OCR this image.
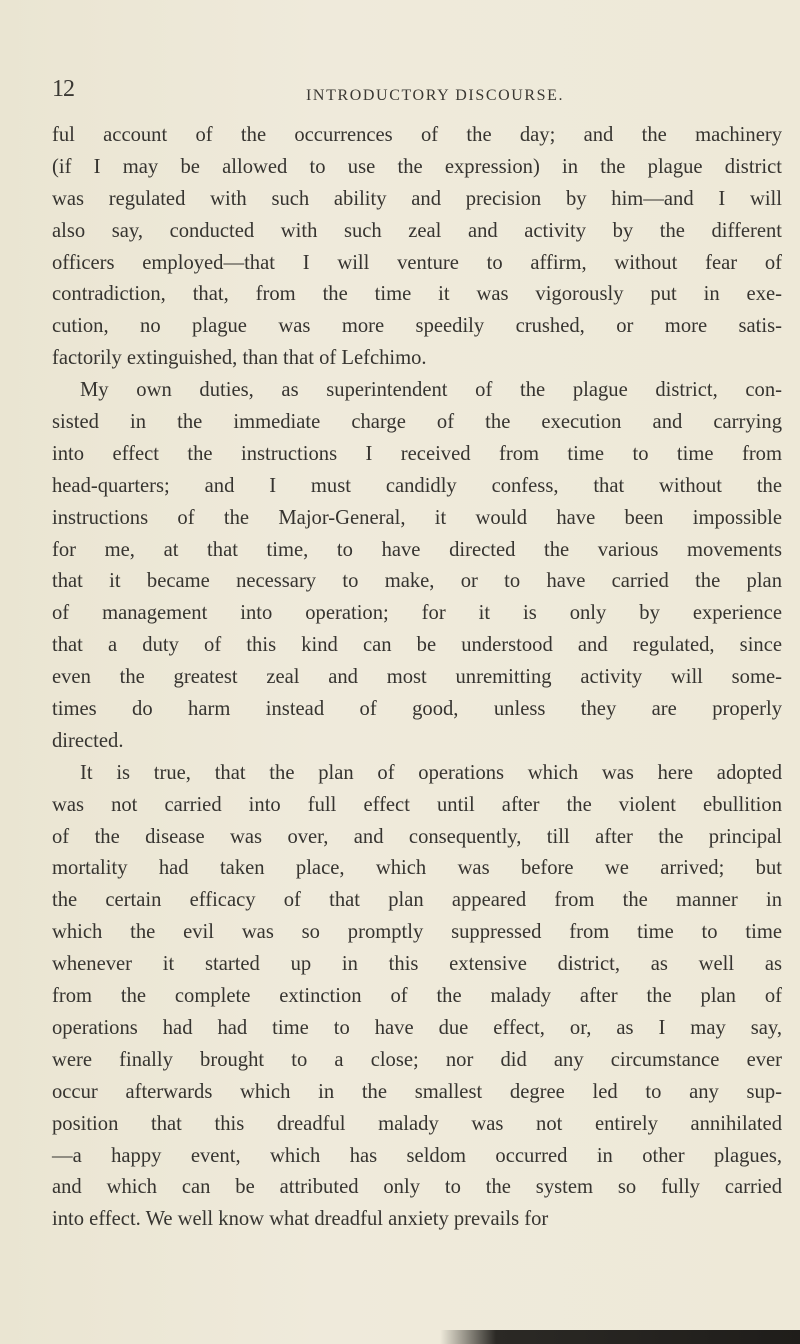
12	INTRODUCTORY DISCOURSE.
ful account of the occurrences of the day; and the machinery
(if I may be allowed to use the expression) in the plague district
was regulated with such ability and precision by him—and I will
also say, conducted with such zeal and activity by the different
officers employed—that I will venture to affirm, without fear of
contradiction, that, from the time it was vigorously put in exe-
cution, no plague was more speedily crushed, or more satis-
factorily extinguished, than that of Lefchimo.
My own duties, as superintendent of the plague district, con-
sisted in the immediate charge of the execution and carrying
into effect the instructions I received from time to time from
head-quarters; and I must candidly confess, that without the
instructions of the Major-General, it would have been impossible
for me, at that time, to have directed the various movements
that it became necessary to make, or to have carried the plan
of management into operation; for it is only by experience
that a duty of this kind can be understood and regulated, since
even the greatest zeal and most unremitting activity will some-
times do harm instead of good, unless they are properly
directed.
It is true, that the plan of operations which was here adopted
was not carried into full effect until after the violent ebullition
of the disease was over, and consequently, till after the principal
mortality had taken place, which was before we arrived; but
the certain efficacy of that plan appeared from the manner in
which the evil was so promptly suppressed from time to time
whenever it started up in this extensive district, as well as
from the complete extinction of the malady after the plan of
operations had had time to have due effect, or, as I may say,
were finally brought to a close; nor did any circumstance ever
occur afterwards which in the smallest degree led to any sup-
position that this dreadful malady was not entirely annihilated
—a happy event, which has seldom occurred in other plagues,
and which can be attributed only to the system so fully carried
into effect. We well know what dreadful anxiety prevails for
